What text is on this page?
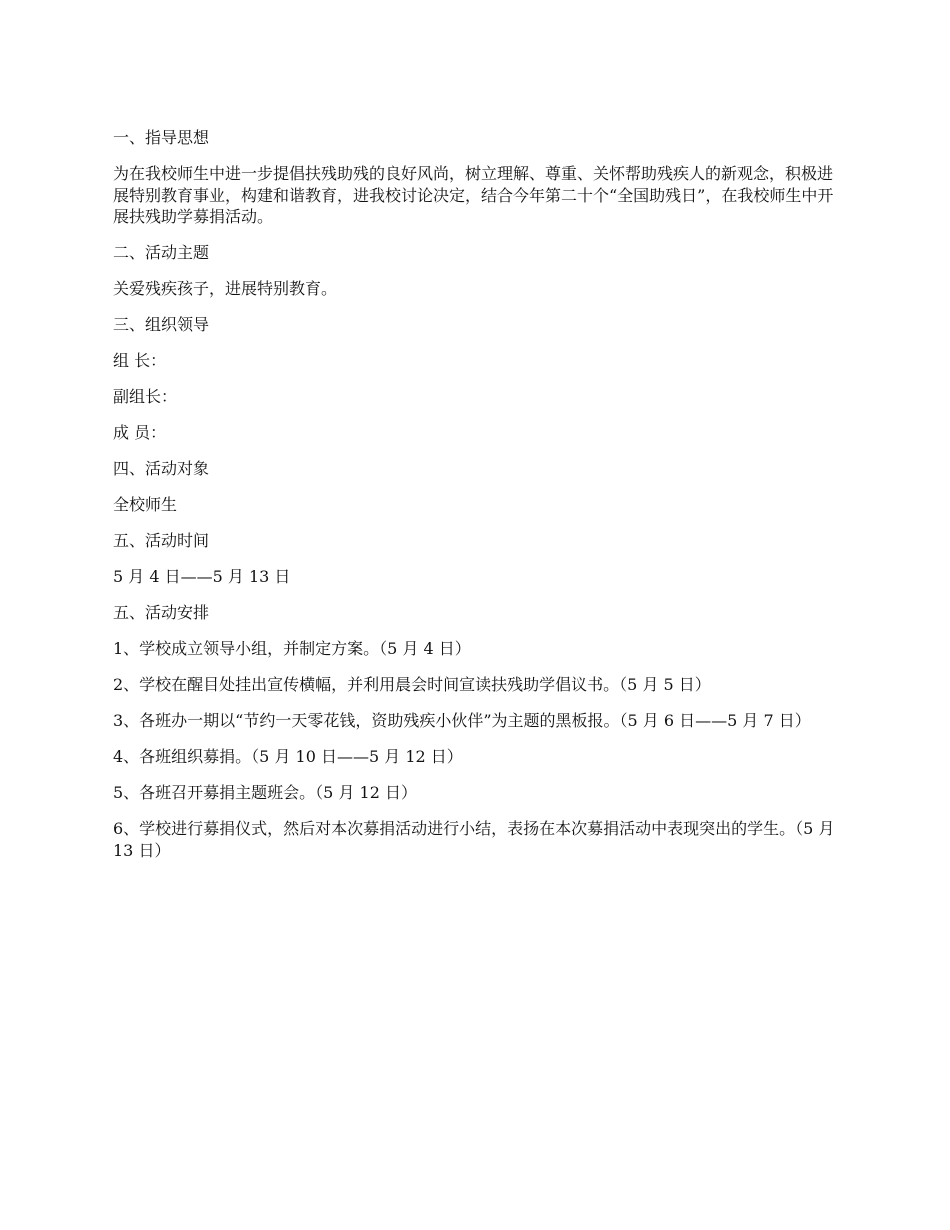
一、指导思想

为在我校师生中进一步提倡扶残助残的良好风尚，树立理解、尊重、关怀帮助残疾人的新观念，积极进展特别教育事业，构建和谐教育，进我校讨论决定，结合今年第二十个“全国助残日”，在我校师生中开展扶残助学募捐活动。

二、活动主题

关爱残疾孩子，进展特别教育。

三、组织领导

组 长：

副组长：

成 员：

四、活动对象

全校师生

五、活动时间

5 月 4 日——5 月 13 日

五、活动安排

1、学校成立领导小组，并制定方案。（5 月 4 日）

2、学校在醒目处挂出宣传横幅，并利用晨会时间宣读扶残助学倡议书。（5 月 5 日）

3、各班办一期以“节约一天零花钱，资助残疾小伙伴”为主题的黑板报。（5 月 6 日——5 月 7 日）

4、各班组织募捐。（5 月 10 日——5 月 12 日）

5、各班召开募捐主题班会。（5 月 12 日）

6、学校进行募捐仪式，然后对本次募捐活动进行小结，表扬在本次募捐活动中表现突出的学生。（5 月 13 日）
